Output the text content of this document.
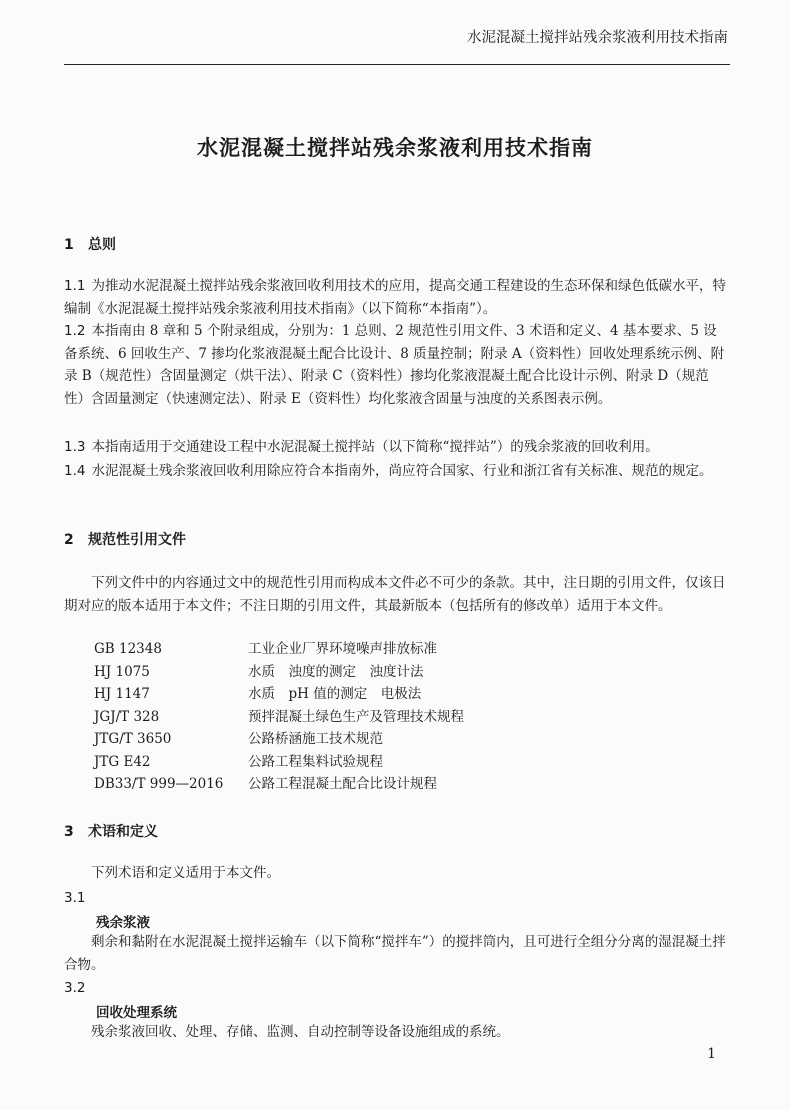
水泥混凝土搅拌站残余浆液利用技术指南
水泥混凝土搅拌站残余浆液利用技术指南
1 总则
1.1 为推动水泥混凝土搅拌站残余浆液回收利用技术的应用，提高交通工程建设的生态环保和绿色低碳水平，特编制《水泥混凝土搅拌站残余浆液利用技术指南》（以下简称“本指南”）。
1.2 本指南由 8 章和 5 个附录组成，分别为：1 总则、2 规范性引用文件、3 术语和定义、4 基本要求、5 设备系统、6 回收生产、7 掺均化浆液混凝土配合比设计、8 质量控制；附录 A（资料性）回收处理系统示例、附录 B（规范性）含固量测定（烘干法）、附录 C（资料性）掺均化浆液混凝土配合比设计示例、附录 D（规范性）含固量测定（快速测定法）、附录 E（资料性）均化浆液含固量与浊度的关系图表示例。
1.3 本指南适用于交通建设工程中水泥混凝土搅拌站（以下简称“搅拌站”）的残余浆液的回收利用。
1.4 水泥混凝土残余浆液回收利用除应符合本指南外，尚应符合国家、行业和浙江省有关标准、规范的规定。
2 规范性引用文件
下列文件中的内容通过文中的规范性引用而构成本文件必不可少的条款。其中，注日期的引用文件，仅该日期对应的版本适用于本文件；不注日期的引用文件，其最新版本（包括所有的修改单）适用于本文件。
GB 12348	工业企业厂界环境噪声排放标准
HJ 1075	水质　浊度的测定　浊度计法
HJ 1147	水质　pH 值的测定　电极法
JGJ/T 328	预拌混凝土绿色生产及管理技术规程
JTG/T 3650	公路桥涵施工技术规范
JTG E42	公路工程集料试验规程
DB33/T 999—2016 公路工程混凝土配合比设计规程
3 术语和定义
下列术语和定义适用于本文件。
3.1
残余浆液
剩余和黏附在水泥混凝土搅拌运输车（以下简称“搅拌车”）的搅拌筒内，且可进行全组分分离的湿混凝土拌合物。
3.2
回收处理系统
残余浆液回收、处理、存储、监测、自动控制等设备设施组成的系统。
1
